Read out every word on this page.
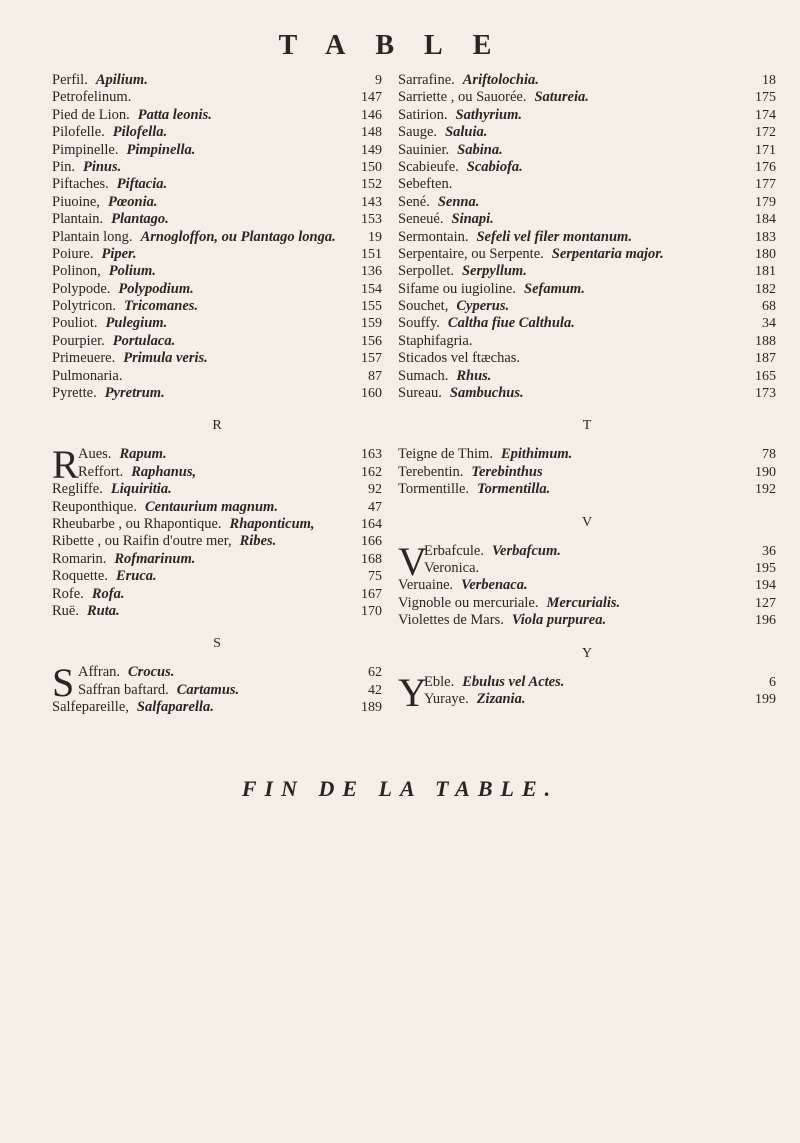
TABLE
Perfil. Apilium.	9
Petrofelinum.	147
Pied de Lion. Patta leonis.	146
Pilofelle. Pilofella.	148
Pimpinelle. Pimpinella.	149
Pin. Pinus.	150
Piftaches. Piftacia.	152
Piuoine, Pœonia.	143
Plantain. Plantago.	153
Plantain long. Arnogloffon, ou Plantago longa. 19
Poiure. Piper.	151
Polinon, Polium.	136
Polypode. Polypodium.	154
Polytricon. Tricomanes.	155
Pouliot. Pulegium.	159
Pourpier. Portulaca.	156
Primeuere. Primula veris.	157
Pulmonaria.	87
Pyrette. Pyretrum.	160
R
R Aues. Rapum.	163
Reffort. Raphanus,	162
Regliffe. Liquiritia.	92
Reuponthique. Centaurium magnum.	47
Rheubarbe , ou Rhapontique. Rhaponticum,	164
Ribette , ou Raifin d'outre mer, Ribes.	166
Romarin. Rofmarinum.	168
Roquette. Eruca.	75
Rofe. Rofa.	167
Ruë. Ruta.	170
S
S Affran. Crocus.	62
Saffran baftard. Cartamus.	42
Salfepareille, Salfaparella.	189
Sarrafine. Ariftolochia.	18
Sarriette , ou Sauorée. Satureia.	175
Satirion. Sathyrium.	174
Sauge. Saluia.	172
Sauinier. Sabina.	171
Scabieufe. Scabiofa.	176
Sebeften.	177
Sené. Senna.	179
Seneué. Sinapi.	184
Sermontain. Sefeli vel filer montanum.	183
Serpentaire, ou Serpente. Serpentaria major.	180
Serpollet. Serpyllum.	181
Sifame ou iugioline. Sefamum.	182
Souchet, Cyperus.	68
Souffy. Caltha fiue Calthula.	34
Staphifagria.	188
Sticados vel ftæchas.	187
Sumach. Rhus.	165
Sureau. Sambuchus.	173
T
Teigne de Thim. Epithimum.	78
Terebentin. Terebinthus	190
Tormentille. Tormentilla.	192
V
V
Erbafcule. Verbafcum.	36
Veronica.	195
Veruaine. Verbenaca.	194
Vignoble ou mercuriale. Mercurialis.	127
Violettes de Mars. Viola purpurea.	196
Y
Y
Eble. Ebulus vel Actes.	6
Yuraye. Zizania.	199
FIN DE LA TABLE.
